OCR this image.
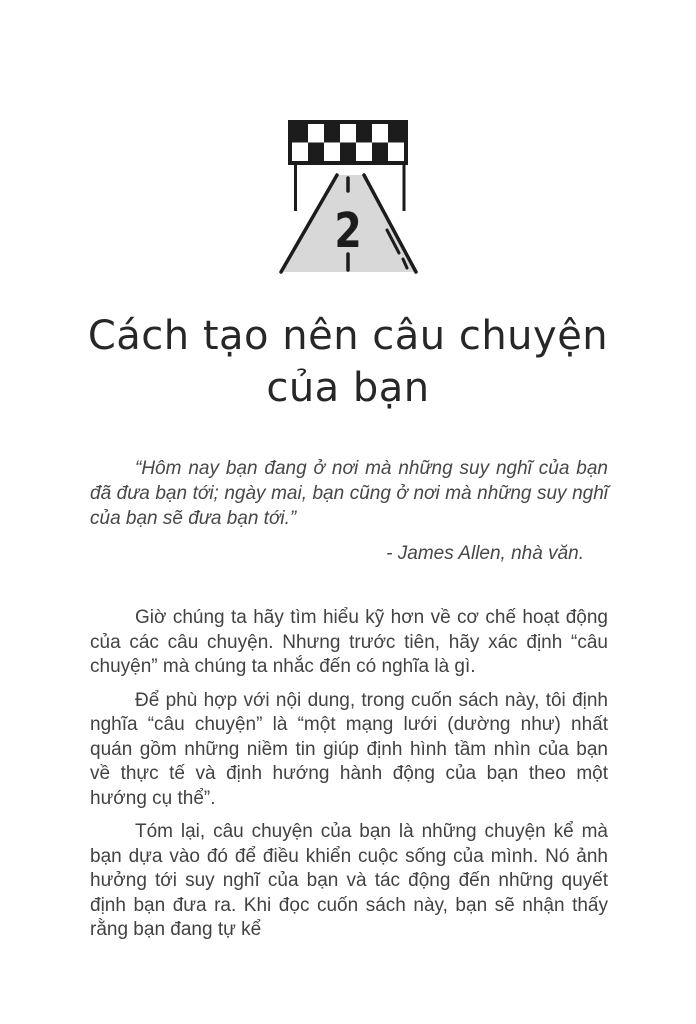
2
Cách tạo nên câu chuyện
của bạn
“Hôm nay bạn đang ở nơi mà những suy nghĩ của bạn đã đưa bạn tới; ngày mai, bạn cũng ở nơi mà những suy nghĩ của bạn sẽ đưa bạn tới.”
- James Allen, nhà văn.

Giờ chúng ta hãy tìm hiểu kỹ hơn về cơ chế hoạt động của các câu chuyện. Nhưng trước tiên, hãy xác định “câu chuyện” mà chúng ta nhắc đến có nghĩa là gì.

Để phù hợp với nội dung, trong cuốn sách này, tôi định nghĩa “câu chuyện” là “một mạng lưới (dường như) nhất quán gồm những niềm tin giúp định hình tầm nhìn của bạn về thực tế và định hướng hành động của bạn theo một hướng cụ thể”.

Tóm lại, câu chuyện của bạn là những chuyện kể mà bạn dựa vào đó để điều khiển cuộc sống của mình. Nó ảnh hưởng tới suy nghĩ của bạn và tác động đến những quyết định bạn đưa ra. Khi đọc cuốn sách này, bạn sẽ nhận thấy rằng bạn đang tự kể
